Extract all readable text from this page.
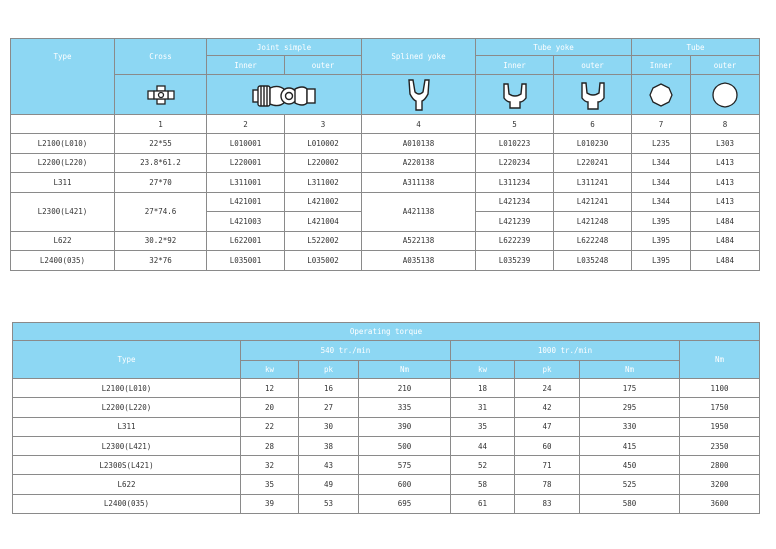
Type	Cross	Joint simple		Splined yoke	Tube yoke		Tube	
		Inner	outer		Inner	outer	Inner	outer

	1	2	3	4	5	6	7	8
L2100(L010)	22*55	L010001	L010002	A010138	L010223	L010230	L235	L303
L2200(L220)	23.8*61.2	L220001	L220002	A220138	L220234	L220241	L344	L413
L311	27*70	L311001	L311002	A311138	L311234	L311241	L344	L413
L2300(L421)	27*74.6	L421001	L421002	A421138	L421234	L421241	L344	L413
		L421003	L421004		L421239	L421248	L395	L484
L622	30.2*92	L622001	L522002	A522138	L622239	L622248	L395	L484
L2400(035)	32*76	L035001	L035002	A035138	L035239	L035248	L395	L484
Operating torque							
Type	540 tr./min			1000 tr./min			Nm
	kw	pk	Nm	kw	pk	Nm	
L2100(L010)	12	16	210	18	24	175	1100
L2200(L220)	20	27	335	31	42	295	1750
L311	22	30	390	35	47	330	1950
L2300(L421)	28	38	500	44	60	415	2350
L2300S(L421)	32	43	575	52	71	450	2800
L622	35	49	600	58	78	525	3200
L2400(035)	39	53	695	61	83	580	3600
